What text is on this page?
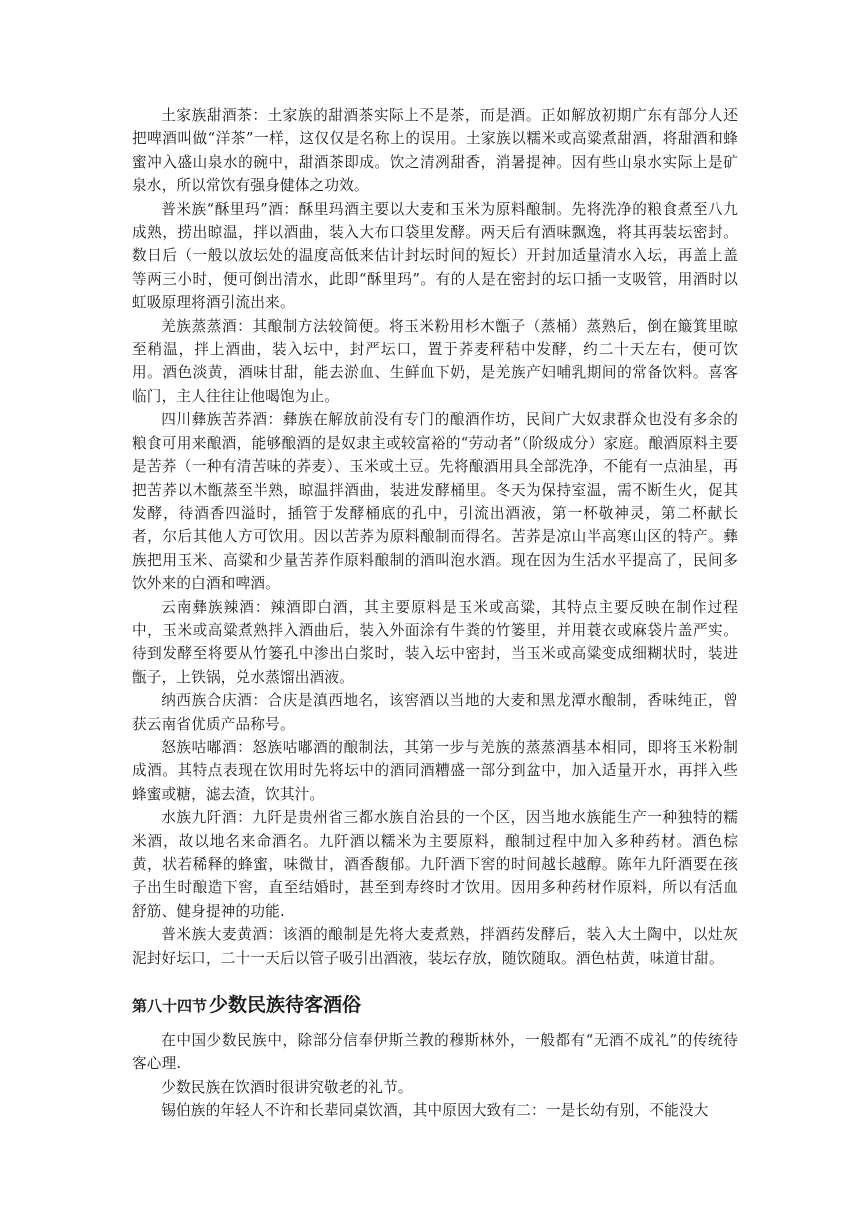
土家族甜酒茶：土家族的甜酒茶实际上不是茶，而是酒。正如解放初期广东有部分人还把啤酒叫做“洋茶”一样，这仅仅是名称上的误用。土家族以糯米或高粱煮甜酒，将甜酒和蜂蜜冲入盛山泉水的碗中，甜酒茶即成。饮之清冽甜香，消暑提神。因有些山泉水实际上是矿泉水，所以常饮有强身健体之功效。

普米族“酥里玛”酒：酥里玛酒主要以大麦和玉米为原料酿制。先将洗净的粮食煮至八九成熟，捞出晾温，拌以酒曲，装入大布口袋里发酵。两天后有酒味飘逸，将其再装坛密封。数日后（一般以放坛处的温度高低来估计封坛时间的短长）开封加适量清水入坛，再盖上盖等两三小时，便可倒出清水，此即“酥里玛”。有的人是在密封的坛口插一支吸管，用酒时以虹吸原理将酒引流出来。

羌族蒸蒸酒：其酿制方法较简便。将玉米粉用杉木甑子（蒸桶）蒸熟后，倒在簸箕里晾至稍温，拌上酒曲，装入坛中，封严坛口，置于荞麦秤秸中发酵，约二十天左右，便可饮用。酒色淡黄，酒味甘甜，能去淤血、生鲜血下奶，是羌族产妇哺乳期间的常备饮料。喜客临门，主人往往让他喝饱为止。

四川彝族苦荞酒：彝族在解放前没有专门的酿酒作坊，民间广大奴隶群众也没有多余的粮食可用来酿酒，能够酿酒的是奴隶主或较富裕的“劳动者”（阶级成分）家庭。酿酒原料主要是苦荞（一种有清苦味的荞麦）、玉米或土豆。先将酿酒用具全部洗净，不能有一点油星，再把苦荞以木甑蒸至半熟，晾温拌酒曲，装进发酵桶里。冬天为保持室温，需不断生火，促其发酵，待酒香四溢时，插管于发酵桶底的孔中，引流出酒液，第一杯敬神灵，第二杯献长者，尔后其他人方可饮用。因以苦荞为原料酿制而得名。苦荞是凉山半高寒山区的特产。彝族把用玉米、高粱和少量苦荞作原料酿制的酒叫泡水酒。现在因为生活水平提高了，民间多饮外来的白酒和啤酒。

云南彝族辣酒：辣酒即白酒，其主要原料是玉米或高粱，其特点主要反映在制作过程中，玉米或高粱煮熟拌入酒曲后，装入外面涂有牛粪的竹篓里，并用蓑衣或麻袋片盖严实。待到发酵至将要从竹篓孔中渗出白浆时，装入坛中密封，当玉米或高粱变成细糊状时，装进甑子，上铁锅，兑水蒸馏出酒液。

纳西族合庆酒：合庆是滇西地名，该窖酒以当地的大麦和黑龙潭水酿制，香味纯正，曾获云南省优质产品称号。

怒族咕嘟酒：怒族咕嘟酒的酿制法，其第一步与羌族的蒸蒸酒基本相同，即将玉米粉制成酒。其特点表现在饮用时先将坛中的酒同酒糟盛一部分到盆中，加入适量开水，再拌入些蜂蜜或糖，滤去渣，饮其汁。

水族九阡酒：九阡是贵州省三都水族自治县的一个区，因当地水族能生产一种独特的糯米酒，故以地名来命酒名。九阡酒以糯米为主要原料，酿制过程中加入多种药材。酒色棕黄，状若稀释的蜂蜜，味微甘，酒香馥郁。九阡酒下窖的时间越长越醇。陈年九阡酒要在孩子出生时酿造下窖，直至结婚时，甚至到寿终时才饮用。因用多种药材作原料，所以有活血舒筋、健身提神的功能.

普米族大麦黄酒：该酒的酿制是先将大麦煮熟，拌酒药发酵后，装入大土陶中，以灶灰泥封好坛口，二十一天后以管子吸引出酒液，装坛存放，随饮随取。酒色枯黄，味道甘甜。

第八十四节 少数民族待客酒俗

在中国少数民族中，除部分信奉伊斯兰教的穆斯林外，一般都有“无酒不成礼”的传统待客心理.

少数民族在饮酒时很讲究敬老的礼节。

锡伯族的年轻人不许和长辈同桌饮酒，其中原因大致有二：一是长幼有别，不能没大
